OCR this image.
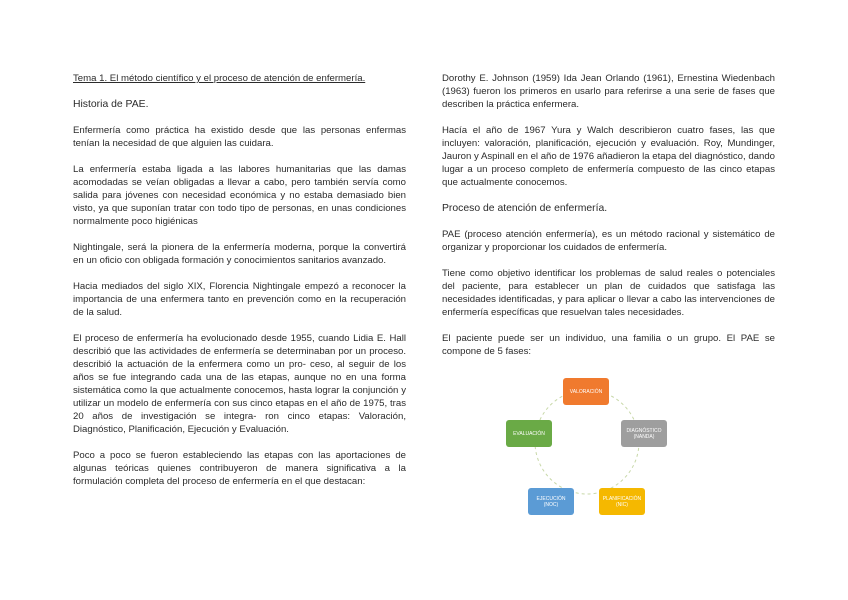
Tema 1. El método científico y el proceso de atención de enfermería.
Historia de PAE.

Enfermería como práctica ha existido desde que las personas enfermas tenían la necesidad de que alguien las cuidara.

La enfermería estaba ligada a las labores humanitarias que las damas acomodadas se veían obligadas a llevar a cabo, pero también servía como salida para jóvenes con necesidad económica y no estaba demasiado bien visto, ya que suponían tratar con todo tipo de personas, en unas condiciones normalmente poco higiénicas

Nightingale, será la pionera de la enfermería moderna, porque la convertirá en un oficio con obligada formación y conocimientos sanitarios avanzado.

Hacia mediados del siglo XIX, Florencia Nightingale empezó a reconocer la importancia de una enfermera tanto en prevención como en la recuperación de la salud.

El proceso de enfermería ha evolucionado desde 1955, cuando Lidia E. Hall describió que las actividades de enfermería se determinaban por un proceso. describió la actuación de la enfermera como un pro- ceso, al seguir de los años se fue integrando cada una de las etapas, aunque no en una forma sistemática como la que actualmente conocemos, hasta lograr la conjunción y utilizar un modelo de enfermería con sus cinco etapas en el año de 1975, tras 20 años de investigación se integra- ron cinco etapas: Valoración, Diagnóstico, Planificación, Ejecución y Evaluación.

Poco a poco se fueron estableciendo las etapas con las aportaciones de algunas teóricas quienes contribuyeron de manera significativa a la formulación completa del proceso de enfermería en el que destacan:

Dorothy E. Johnson (1959) Ida Jean Orlando (1961), Ernestina Wiedenbach (1963) fueron los primeros en usarlo para referirse a una serie de fases que describen la práctica enfermera.

Hacía el año de 1967 Yura y Walch describieron cuatro fases, las que incluyen: valoración, planificación, ejecución y evaluación. Roy, Mundinger, Jauron y Aspinall en el año de 1976 añadieron la etapa del diagnóstico, dando lugar a un proceso completo de enfermería compuesto de las cinco etapas que actualmente conocemos.

Proceso de atención de enfermería.

PAE (proceso atención enfermería), es un método racional y sistemático de organizar y proporcionar los cuidados de enfermería.

Tiene como objetivo identificar los problemas de salud reales o potenciales del paciente, para establecer un plan de cuidados que satisfaga las necesidades identificadas, y para aplicar o llevar a cabo las intervenciones de enfermería específicas que resuelvan tales necesidades.

El paciente puede ser un individuo, una familia o un grupo. El PAE se compone de 5 fases:

VALORACIÓN
DIAGNÓSTICO (NANDA)
PLANIFICACIÓN (NIC)
EJECUCIÓN (NOC)
EVALUACIÓN
